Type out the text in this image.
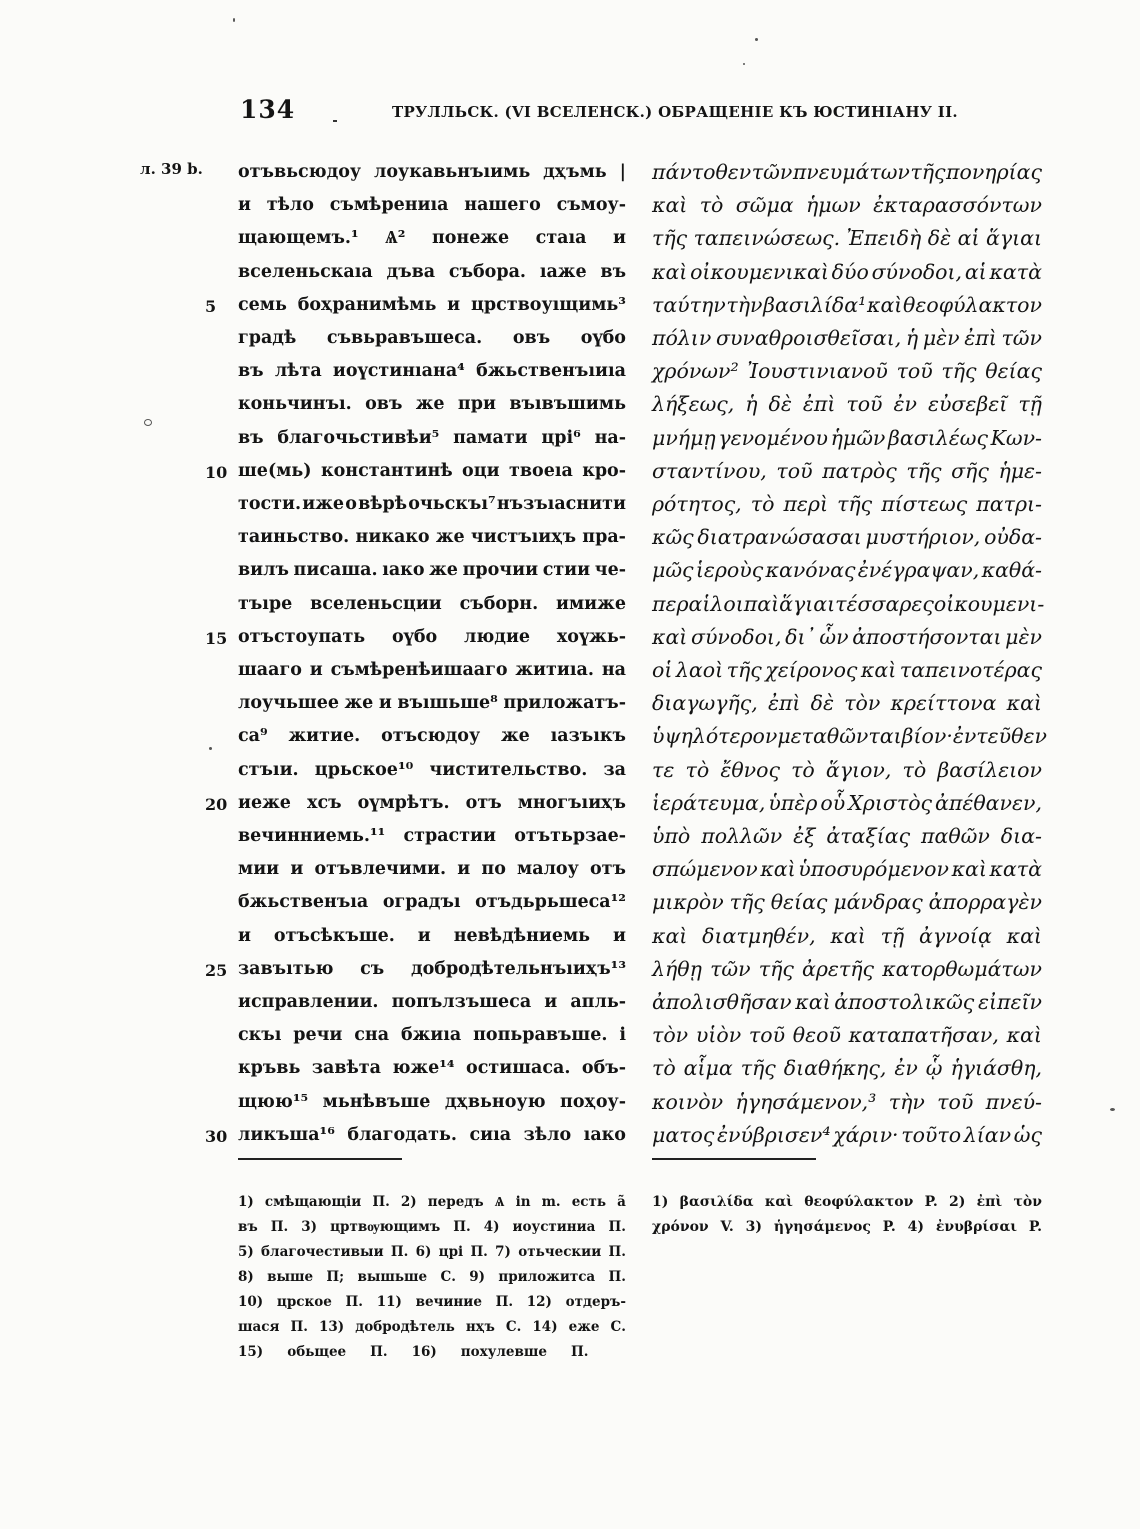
134	ТРУЛЛЬСК. (VI ВСЕЛЕНСК.) ОБРАЩЕНІЕ КЪ ЮСТИНІАНУ II.
л. 39 b. отъвьсюдоу лоукавьнъıимь дҳъмь |
и тѣло съмѣрениıа нашего съмоу-
щающемъ.¹ Ѧ² понеже стаıа и
вселеньскаıа дъва събора. ıаже въ
семь боҳранимѣмь и црствоуıщимь³
градѣ съвьравъшеса. овъ оүбо
въ лѣта иоүстинıана⁴ бжьственъıиıа
коньчинъı. овъ же при въıвъшимь
въ благочьстивѣи⁵ памати црi⁶ на-
ше(мь) константинѣ оци твоеıа кро-
тости. иже о вѣрѣ очьскъı⁷ нъзъıаснити
таиньство. никако же чистъıиҳъ пра-
вилъ писаша. ıако же прочии стии че-
тъıре вселеньсции съборн. имиже
отъстоупать оүбо людие хоүжь-
шааго и съмѣренѣишааго житиıа. на
лоучьшее же и въıшьше⁸ приложатъ-
са⁹ житие. отъсюдоу же ıазъıкъ
стъıи. црьское¹⁰ чистительство. за
иеже хсъ оүмрѣтъ. отъ многъıиҳъ
вечинниемь.¹¹ страстии отътьрзае-
мии и отъвлечими. и по малоу отъ
бжьственъıа оградъı отъдьрьшеса¹²
и отъсѣкъше. и невѣдѣниемь и
завъıтью съ добродѣтельнъıиҳъ¹³
исправлении. попълзъшеса и апль-
скъı речи сна бжиıа попьравъше. і
кръвь завѣта юже¹⁴ остишаса. объ-
щюю¹⁵ мьнѣвъше дҳвьноую поҳоу-
ликъша¹⁶ благодать. сиıа зѣло ıако
5
10
15
20
25
30
πάντοθεν τῶν πνευμάτων τῆς πονηρίας
καὶ τὸ σῶμα ἡμων ἐκταρασσόντων
τῆς ταπεινώσεως. Ἐπειδὴ δὲ αἱ ἅγιαι
καὶ οἰκουμενικαὶ δύο σύνοδοι, αἱ κατὰ
ταύτην τὴν βασιλίδα¹ καὶ θεοφύλακτον
πόλιν συναθροισθεῖσαι, ἡ μὲν ἐπὶ τῶν
χρόνων² Ἰουστινιανοῦ τοῦ τῆς θείας
λήξεως, ἡ δὲ ἐπὶ τοῦ ἐν εὐσεβεῖ τῇ
μνήμῃ γενομένου ἡμῶν βασιλέως Κων-
σταντίνου, τοῦ πατρὸς τῆς σῆς ἡμε-
ρότητος, τὸ περὶ τῆς πίστεως πατρι-
κῶς διατρανώσασαι μυστήριον, οὐδα-
μῶς ἱεροὺς κανόνας ἐνέγραψαν, καθά-
περ αἱ λοιπαὶ ἅγιαι τέσσαρες οἰκουμενι-
καὶ σύνοδοι, δι᾽ ὧν ἀποστήσονται μὲν
οἱ λαοὶ τῆς χείρονος καὶ ταπεινοτέρας
διαγωγῆς, ἐπὶ δὲ τὸν κρείττονα καὶ
ὑψηλότερον μεταθῶνται βίον· ἐντεῦθεν
τε τὸ ἔθνος τὸ ἅγιον, τὸ βασίλειον
ἱεράτευμα, ὑπὲρ οὗ Χριστὸς ἀπέθανεν,
ὑπὸ πολλῶν ἐξ ἀταξίας παθῶν δια-
σπώμενον καὶ ὑποσυρόμενον καὶ κατὰ
μικρὸν τῆς θείας μάνδρας ἀπορραγὲν
καὶ διατμηθέν, καὶ τῇ ἀγνοίᾳ καὶ
λήθῃ τῶν τῆς ἀρετῆς κατορθωμάτων
ἀπολισθῆσαν καὶ ἀποστολικῶς εἰπεῖν
τὸν υἱὸν τοῦ θεοῦ καταπατῆσαν, καὶ
τὸ αἷμα τῆς διαθήκης, ἐν ᾧ ἡγιάσθη,
κοινὸν ἡγησάμενον,³ τὴν τοῦ πνεύ-
ματος ἐνύβρισεν⁴ χάριν· τοῦτο λίαν ὡς
1) смѣщающiи П. 2) передъ Ѧ in m. есть ã
въ П. 3) цртвѹющимъ П. 4) иоустиниа П.
5) благочестивыи П. 6) црi П. 7) отьческии П.
8) выше П; вышьше С. 9) приложитса П.
10) црское П. 11) вечиние П. 12) отдеръ-
шася П. 13) добродѣтель нҳъ С. 14) еже С.
15) обьщее П. 16) похулевше П.
1) βασιλίδα καὶ θεοφύλακτον P. 2) ἐπὶ τὸν
χρόνον V. 3) ἡγησάμενος P. 4) ἐνυβρίσαι P.
